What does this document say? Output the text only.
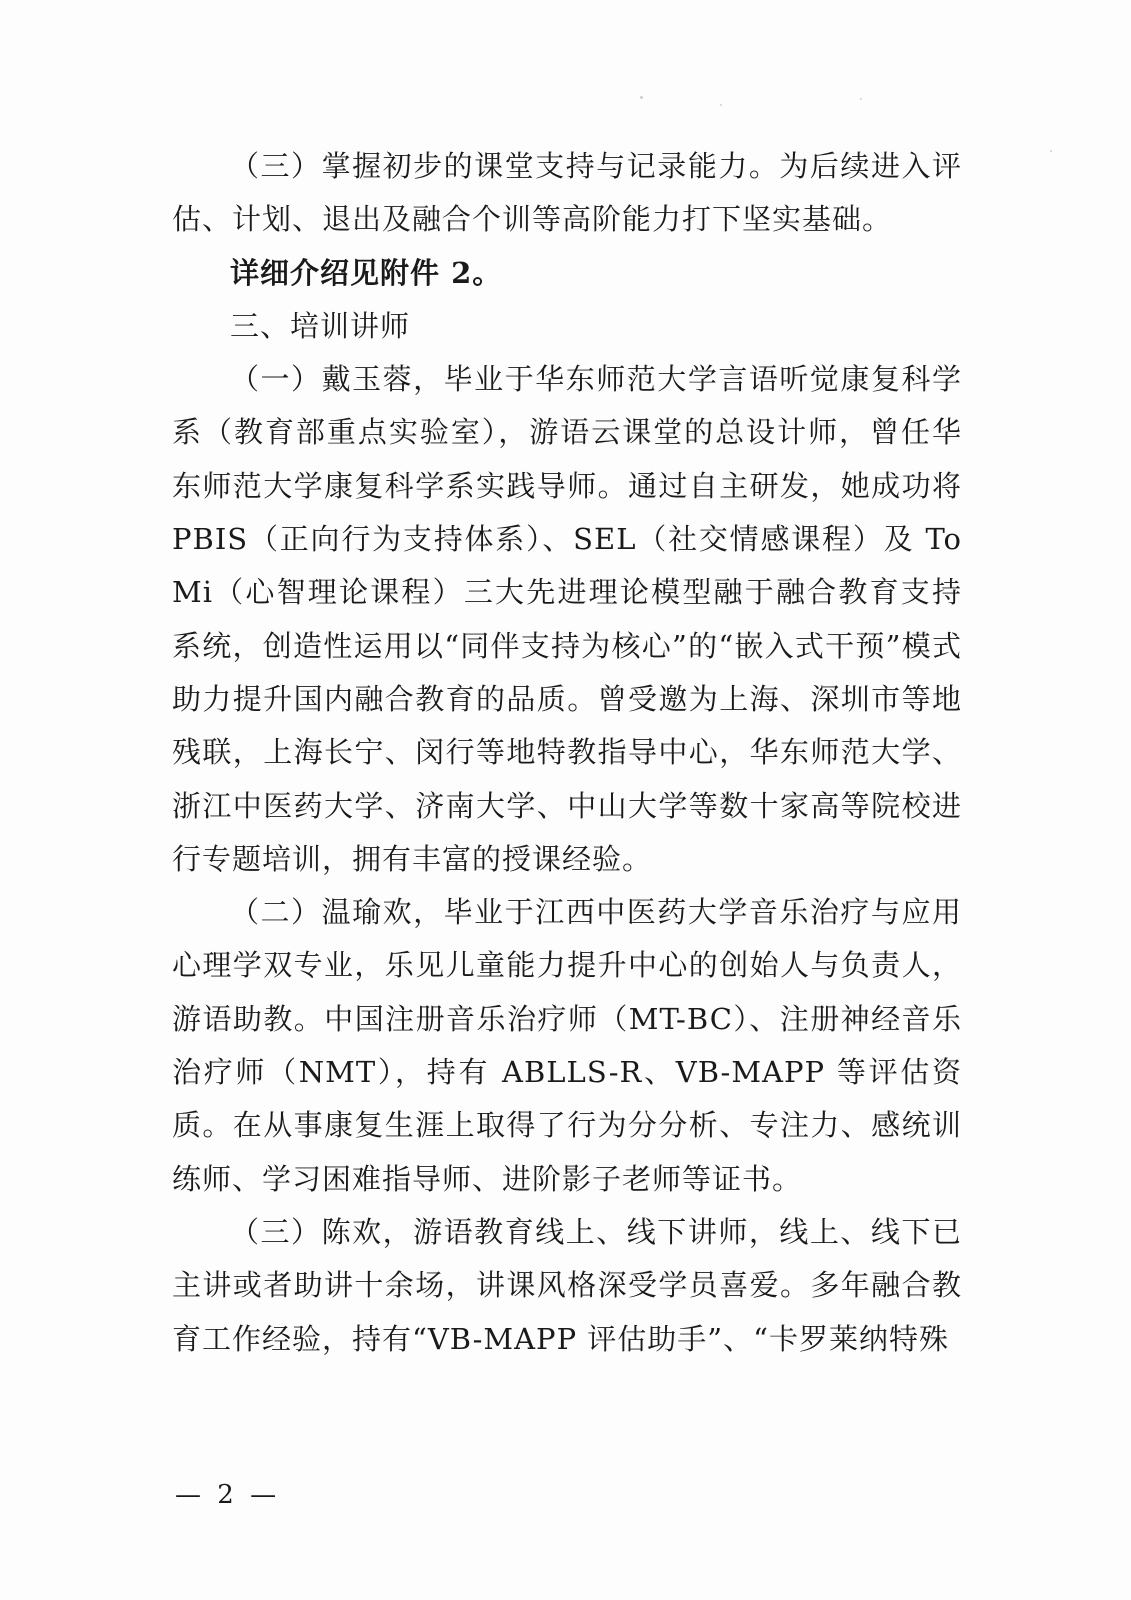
（三）掌握初步的课堂支持与记录能力。为后续进入评估、计划、退出及融合个训等高阶能力打下坚实基础。

详细介绍见附件 2。

三、培训讲师

（一）戴玉蓉，毕业于华东师范大学言语听觉康复科学系（教育部重点实验室），游语云课堂的总设计师，曾任华东师范大学康复科学系实践导师。通过自主研发，她成功将 PBIS（正向行为支持体系）、SEL（社交情感课程）及 ToMi（心智理论课程）三大先进理论模型融于融合教育支持系统，创造性运用以“同伴支持为核心”的“嵌入式干预”模式助力提升国内融合教育的品质。曾受邀为上海、深圳市等地残联，上海长宁、闵行等地特教指导中心，华东师范大学、浙江中医药大学、济南大学、中山大学等数十家高等院校进行专题培训，拥有丰富的授课经验。

（二）温瑜欢，毕业于江西中医药大学音乐治疗与应用心理学双专业，乐见儿童能力提升中心的创始人与负责人，游语助教。中国注册音乐治疗师（MT-BC）、注册神经音乐治疗师（NMT），持有 ABLLS-R、VB-MAPP 等评估资质。在从事康复生涯上取得了行为分分析、专注力、感统训练师、学习困难指导师、进阶影子老师等证书。

（三）陈欢，游语教育线上、线下讲师，线上、线下已主讲或者助讲十余场，讲课风格深受学员喜爱。多年融合教育工作经验，持有“VB-MAPP 评估助手”、“卡罗莱纳特殊

— 2 —
